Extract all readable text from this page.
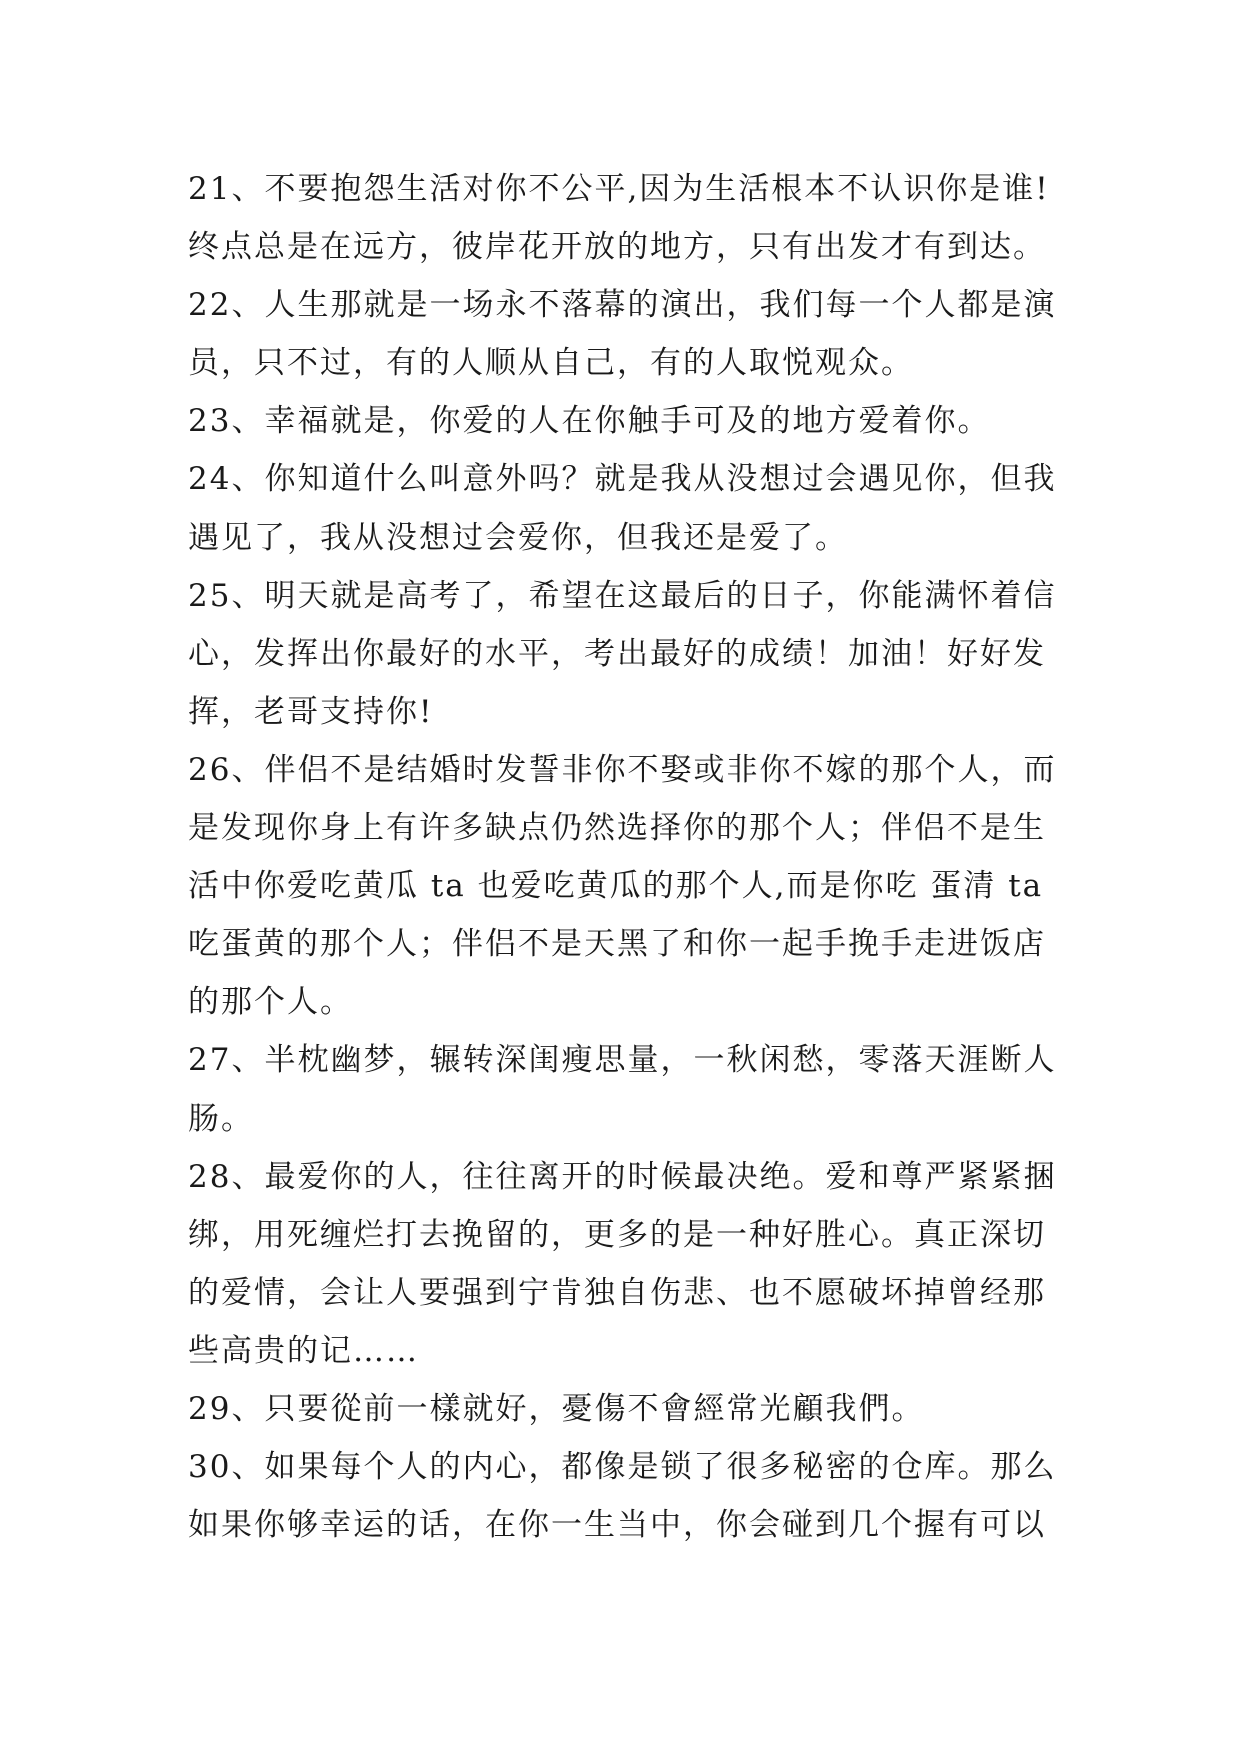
21、不要抱怨生活对你不公平,因为生活根本不认识你是谁!
终点总是在远方，彼岸花开放的地方，只有出发才有到达。
22、人生那就是一场永不落幕的演出，我们每一个人都是演
员，只不过，有的人顺从自己，有的人取悦观众。
23、幸福就是，你爱的人在你触手可及的地方爱着你。
24、你知道什么叫意外吗？就是我从没想过会遇见你，但我
遇见了，我从没想过会爱你，但我还是爱了。
25、明天就是高考了，希望在这最后的日子，你能满怀着信
心，发挥出你最好的水平，考出最好的成绩！加油！好好发
挥，老哥支持你!
26、伴侣不是结婚时发誓非你不娶或非你不嫁的那个人，而
是发现你身上有许多缺点仍然选择你的那个人；伴侣不是生
活中你爱吃黄瓜 ta 也爱吃黄瓜的那个人,而是你吃 蛋清 ta
吃蛋黄的那个人；伴侣不是天黑了和你一起手挽手走进饭店
的那个人。
27、半枕幽梦，辗转深闺瘦思量，一秋闲愁，零落天涯断人
肠。
28、最爱你的人，往往离开的时候最决绝。爱和尊严紧紧捆
绑，用死缠烂打去挽留的，更多的是一种好胜心。真正深切
的爱情，会让人要强到宁肯独自伤悲、也不愿破坏掉曾经那
些高贵的记……
29、只要從前一樣就好，憂傷不會經常光顧我們。
30、如果每个人的内心，都像是锁了很多秘密的仓库。那么
如果你够幸运的话，在你一生当中，你会碰到几个握有可以
